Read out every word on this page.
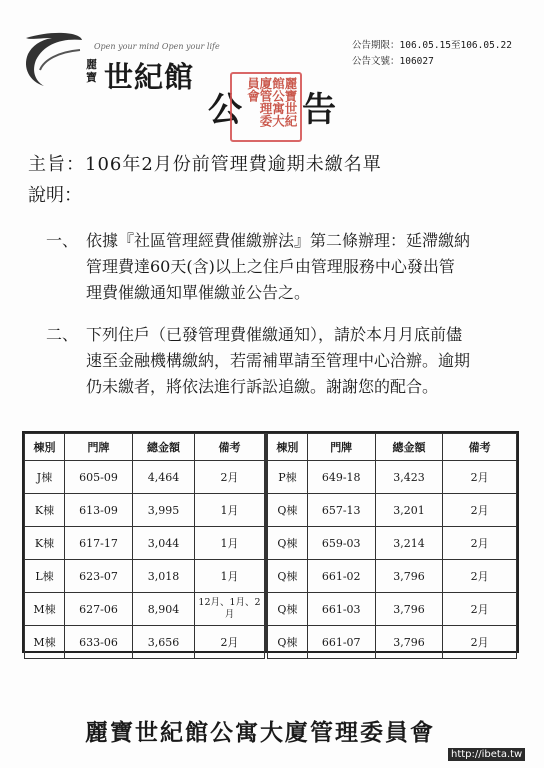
Open your mind Open your life
麗寶 世紀館
公告期限：106.05.15至106.05.22
公告文號：106027
公	麗寶世紀館公寓大廈管理委員會
告
主旨：106年2月份前管理費逾期未繳名單
說明：
一、 依據『社區管理經費催繳辦法』第二條辦理：延滯繳納
管理費達60天(含)以上之住戶由管理服務中心發出管
理費催繳通知單催繳並公告之。
二、 下列住戶（已發管理費催繳通知），請於本月月底前儘
速至金融機構繳納，若需補單請至管理中心洽辦。逾期
仍未繳者，將依法進行訴訟追繳。謝謝您的配合。
棟別	門牌	總金額	備考
J棟	605-09	4,464	2月
K棟	613-09	3,995	1月
K棟	617-17	3,044	1月
L棟	623-07	3,018	1月
M棟	627-06	8,904	12月、1月、2月
M棟	633-06	3,656	2月
棟別	門牌	總金額	備考
P棟	649-18	3,423	2月
Q棟	657-13	3,201	2月
Q棟	659-03	3,214	2月
Q棟	661-02	3,796	2月
Q棟	661-03	3,796	2月
Q棟	661-07	3,796	2月
麗寶世紀館公寓大廈管理委員會
http://ibeta.tw
